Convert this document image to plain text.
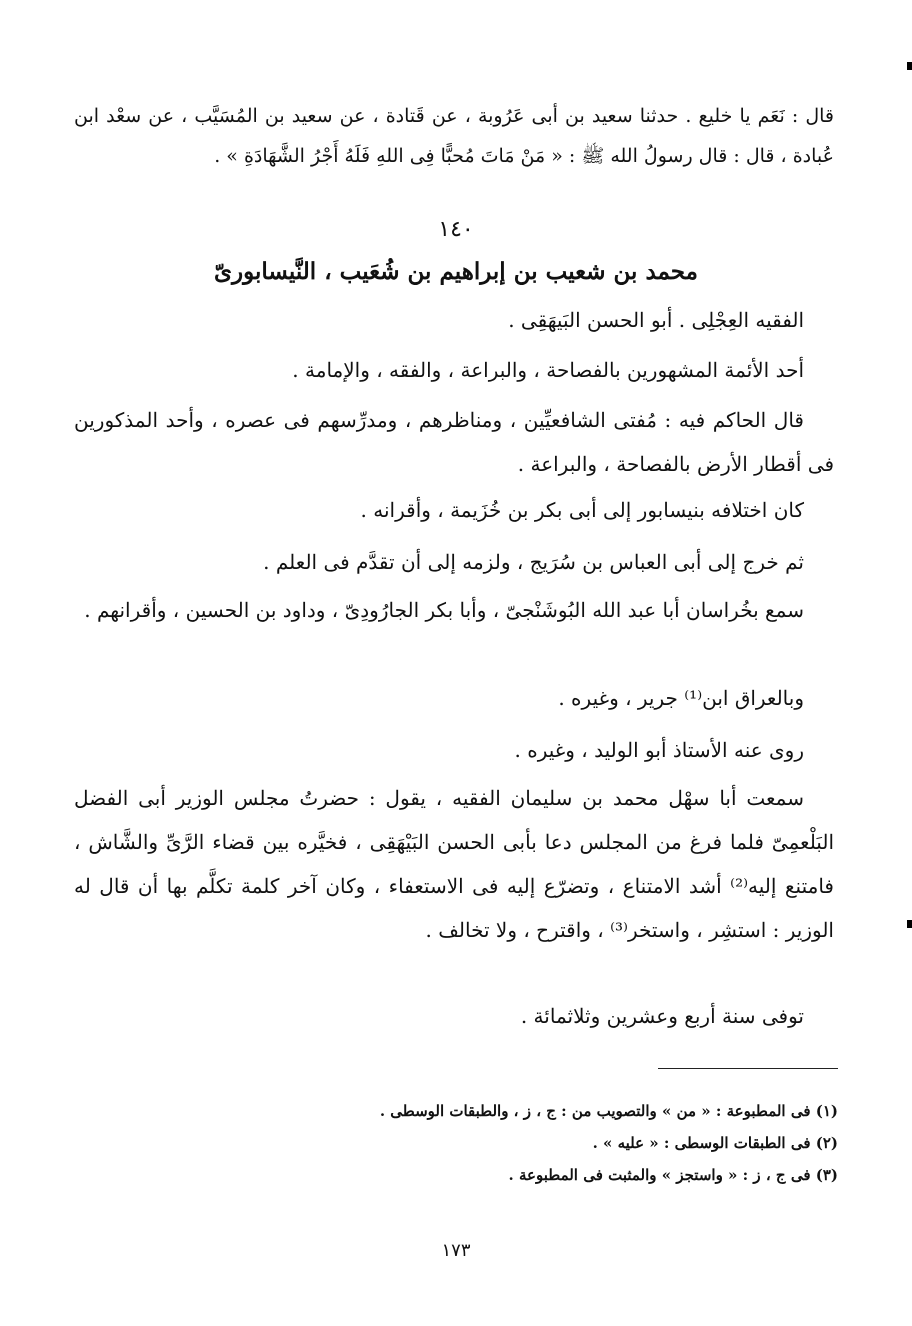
قال : نَعَم يا خليع . حدثنا سعيد بن أبى عَرُوبة ، عن قَتادة ، عن سعيد بن المُسَيَّب ، عن سعْد ابن عُبادة ، قال : قال رسولُ الله ﷺ : « مَنْ مَاتَ مُحبًّا فِى اللهِ فَلَهُ أَجْرُ الشَّهَادَةِ » .

١٤٠

محمد بن شعيب بن إبراهيم بن شُعَيب ، النَّيسابورىّ

الفقيه العِجْلِى . أبو الحسن البَيهَقِى .

أحد الأئمة المشهورين بالفصاحة ، والبراعة ، والفقه ، والإمامة .

قال الحاكم فيه : مُفتى الشافعيِّين ، ومناظرهم ، ومدرِّسهم فى عصره ، وأحد المذكورين فى أقطار الأرض بالفصاحة ، والبراعة .

كان اختلافه بنيسابور إلى أبى بكر بن خُزَيمة ، وأقرانه .

ثم خرج إلى أبى العباس بن سُرَيج ، ولزمه إلى أن تقدَّم فى العلم .

سمع بخُراسان أبا عبد الله البُوشَنْجىّ ، وأبا بكر الجارُودِىّ ، وداود بن الحسين ، وأقرانهم .

وبالعراق ابن⁽¹⁾ جرير ، وغيره .

روى عنه الأستاذ أبو الوليد ، وغيره .

سمعت أبا سهْل محمد بن سليمان الفقيه ، يقول : حضرتُ مجلس الوزير أبى الفضل البَلْعمِىّ فلما فرغ من المجلس دعا بأبى الحسن البَيْهَقِى ، فخيَّره بين قضاء الرَّىِّ والشَّاش ، فامتنع إليه⁽²⁾ أشد الامتناع ، وتضرّع إليه فى الاستعفاء ، وكان آخر كلمة تكلَّم بها أن قال له الوزير : استشِر ، واستخر⁽³⁾ ، واقترح ، ولا تخالف .

توفى سنة أربع وعشرين وثلاثمائة .

(١) فى المطبوعة : « من » والتصويب من : ج ، ز ، والطبقات الوسطى .

(٢) فى الطبقات الوسطى : « عليه » .

(٣) فى ج ، ز : « واستجز » والمثبت فى المطبوعة .

١٧٣
